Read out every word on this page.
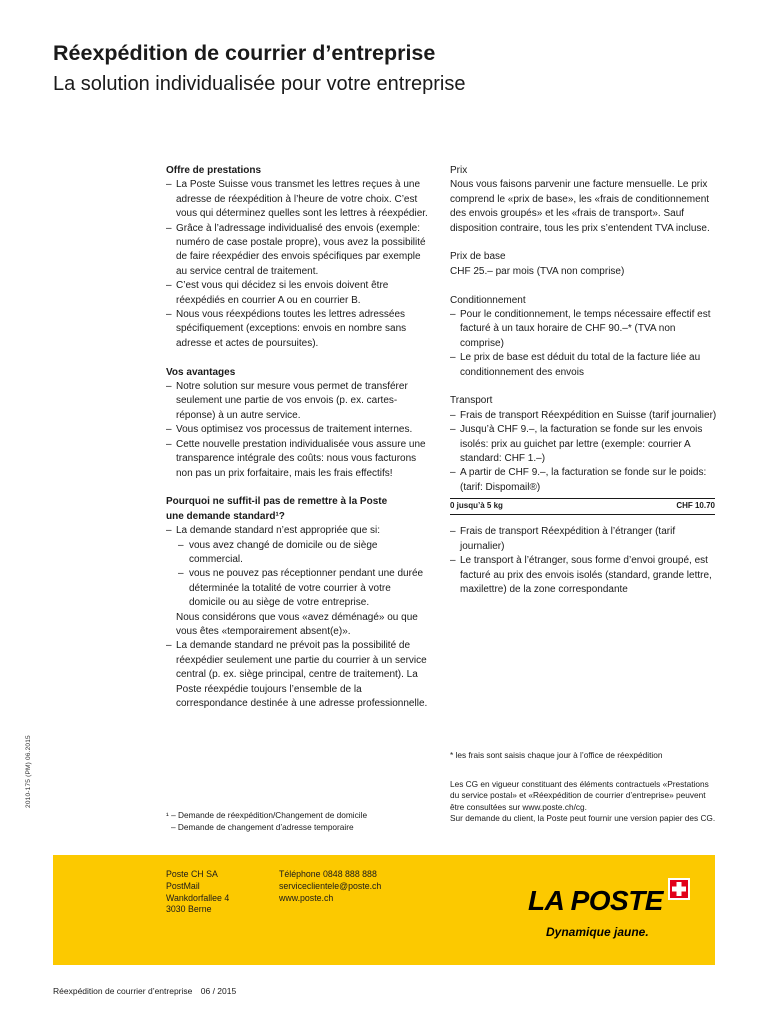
Réexpédition de courrier d’entreprise
La solution individualisée pour votre entreprise

Offre de prestations

– La Poste Suisse vous transmet les lettres reçues à une adresse de réexpédition à l’heure de votre choix. C’est vous qui déterminez quelles sont les lettres à réexpédier.

– Grâce à l’adressage individualisé des envois (exemple: numéro de case postale propre), vous avez la possibilité de faire réexpédier des envois spécifiques par exemple au service central de traitement.

– C’est vous qui décidez si les envois doivent être réexpédiés en courrier A ou en courrier B.

– Nous vous réexpédions toutes les lettres adressées spécifiquement (exceptions: envois en nombre sans adresse et actes de poursuites).

Vos avantages

– Notre solution sur mesure vous permet de transférer seulement une partie de vos envois (p. ex. cartes-réponse) à un autre service.

– Vous optimisez vos processus de traitement internes.

– Cette nouvelle prestation individualisée vous assure une transparence intégrale des coûts: nous vous facturons non pas un prix forfaitaire, mais les frais effectifs!

Pourquoi ne suffit-il pas de remettre à la Poste

une demande standard¹?

– La demande standard n’est appropriée que si:

– vous avez changé de domicile ou de siège commercial.

– vous ne pouvez pas réceptionner pendant une durée déterminée la totalité de votre courrier à votre domicile ou au siège de votre entreprise.

Nous considérons que vous «avez déménagé» ou que vous êtes «temporairement absent(e)».

– La demande standard ne prévoit pas la possibilité de réexpédier seulement une partie du courrier à un service central (p. ex. siège principal, centre de traitement). La Poste réexpédie toujours l’ensemble de la correspondance destinée à une adresse professionnelle.

¹ – Demande de réexpédition/Changement de domicile
– Demande de changement d’adresse temporaire

Prix

Nous vous faisons parvenir une facture mensuelle. Le prix comprend le «prix de base», les «frais de conditionnement des envois groupés» et les «frais de transport». Sauf disposition contraire, tous les prix s’entendent TVA incluse.

Prix de base

CHF 25.– par mois (TVA non comprise)

Conditionnement

– Pour le conditionnement, le temps nécessaire effectif est facturé à un taux horaire de CHF 90.–* (TVA non comprise)

– Le prix de base est déduit du total de la facture liée au conditionnement des envois

Transport

– Frais de transport Réexpédition en Suisse (tarif journalier)

– Jusqu’à CHF 9.–, la facturation se fonde sur les envois isolés: prix au guichet par lettre (exemple: courrier A standard: CHF 1.–)

– A partir de CHF 9.–, la facturation se fonde sur le poids: (tarif: Dispomail®)

0 jusqu’à 5 kg	CHF 10.70

– Frais de transport Réexpédition à l’étranger (tarif journalier)

– Le transport à l’étranger, sous forme d’envoi groupé, est facturé au prix des envois isolés (standard, grande lettre, maxilettre) de la zone correspondante

* les frais sont saisis chaque jour à l’office de réexpédition

Les CG en vigueur constituant des éléments contractuels «Prestations du service postal» et «Réexpédition de courrier d’entreprise» peuvent être consultées sur www.poste.ch/cg.

Sur demande du client, la Poste peut fournir une version papier des CG.

2010-175 (PM) 06.2015
Poste CH SA
PostMail
Wankdorfallee 4
3030 Berne
Téléphone 0848 888 888
serviceclientele@poste.ch
www.poste.ch	LA POSTE
Dynamique jaune.
Réexpédition de courrier d’entreprise 06 / 2015
